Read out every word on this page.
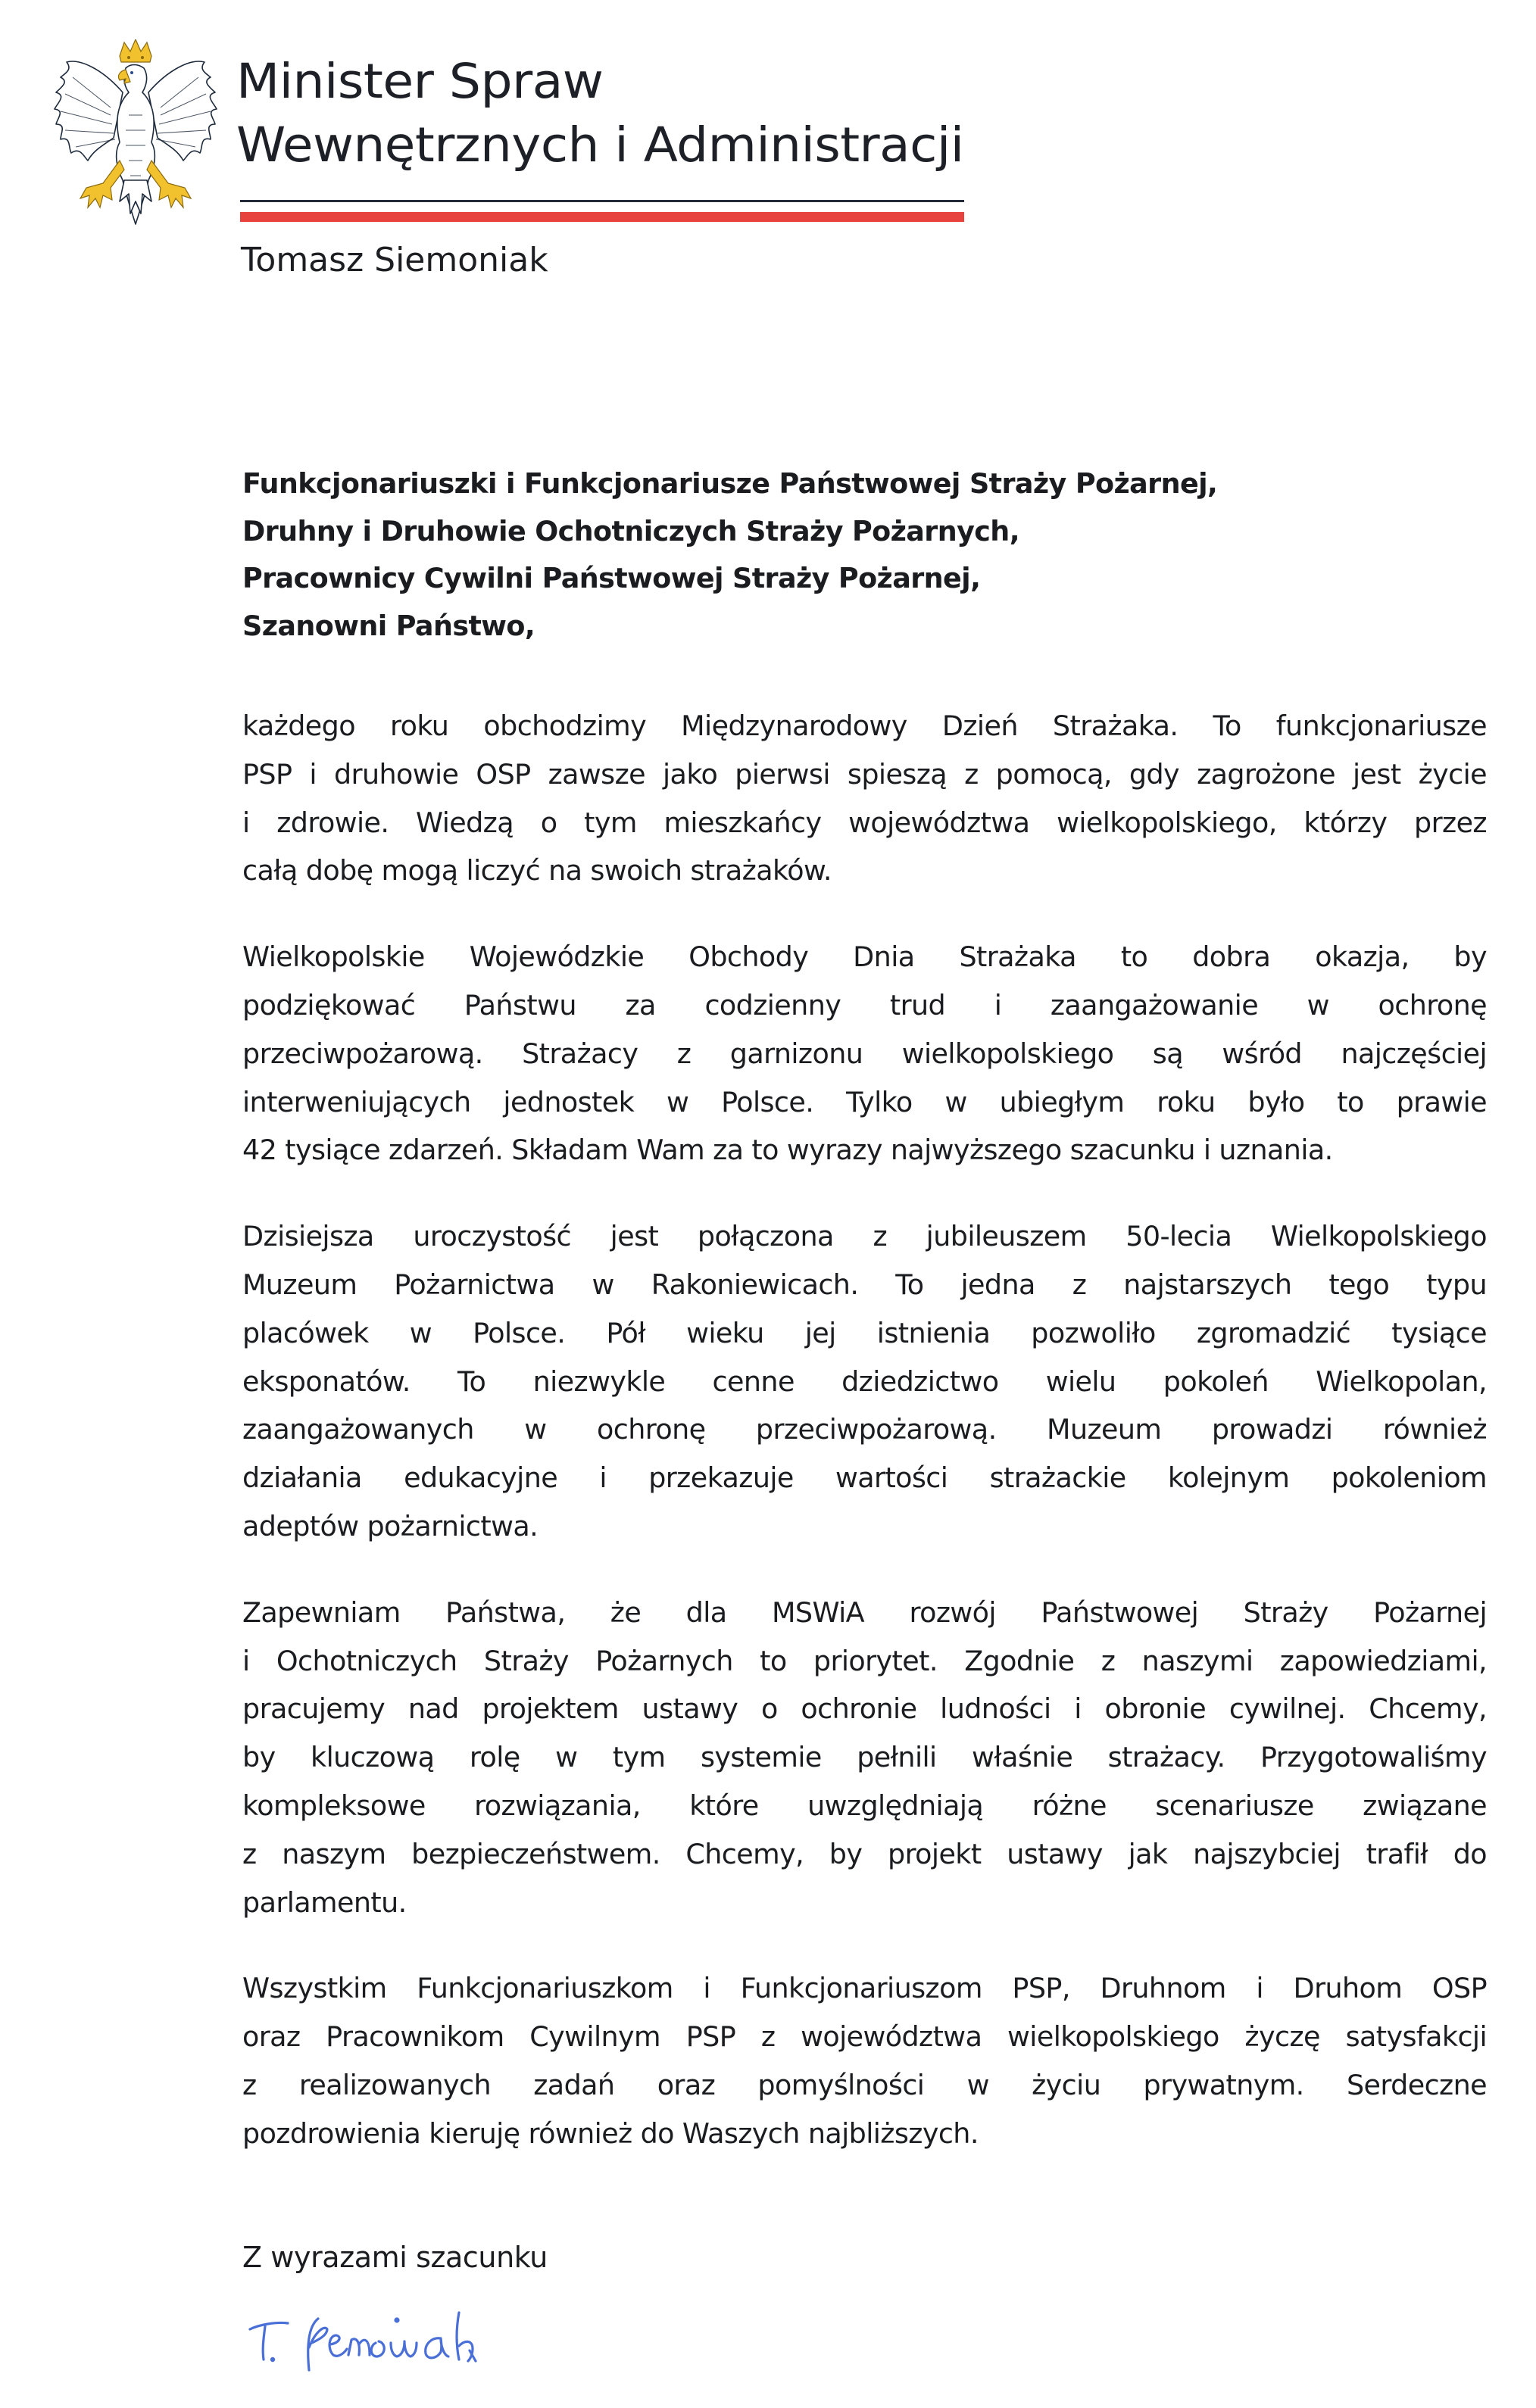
Minister Spraw
Wewnętrznych i Administracji
Tomasz Siemoniak
Funkcjonariuszki i Funkcjonariusze Państwowej Straży Pożarnej,
Druhny i Druhowie Ochotniczych Straży Pożarnych,
Pracownicy Cywilni Państwowej Straży Pożarnej,
Szanowni Państwo,

każdego roku obchodzimy Międzynarodowy Dzień Strażaka. To funkcjonariusze
PSP i druhowie OSP zawsze jako pierwsi spieszą z pomocą, gdy zagrożone jest życie
i zdrowie. Wiedzą o tym mieszkańcy województwa wielkopolskiego, którzy przez
całą dobę mogą liczyć na swoich strażaków.

Wielkopolskie Wojewódzkie Obchody Dnia Strażaka to dobra okazja, by
podziękować Państwu za codzienny trud i zaangażowanie w ochronę
przeciwpożarową. Strażacy z garnizonu wielkopolskiego są wśród najczęściej
interweniujących jednostek w Polsce. Tylko w ubiegłym roku było to prawie
42 tysiące zdarzeń. Składam Wam za to wyrazy najwyższego szacunku i uznania.

Dzisiejsza uroczystość jest połączona z jubileuszem 50-lecia Wielkopolskiego
Muzeum Pożarnictwa w Rakoniewicach. To jedna z najstarszych tego typu
placówek w Polsce. Pół wieku jej istnienia pozwoliło zgromadzić tysiące
eksponatów. To niezwykle cenne dziedzictwo wielu pokoleń Wielkopolan,
zaangażowanych w ochronę przeciwpożarową. Muzeum prowadzi również
działania edukacyjne i przekazuje wartości strażackie kolejnym pokoleniom
adeptów pożarnictwa.

Zapewniam Państwa, że dla MSWiA rozwój Państwowej Straży Pożarnej
i Ochotniczych Straży Pożarnych to priorytet. Zgodnie z naszymi zapowiedziami,
pracujemy nad projektem ustawy o ochronie ludności i obronie cywilnej. Chcemy,
by kluczową rolę w tym systemie pełnili właśnie strażacy. Przygotowaliśmy
kompleksowe rozwiązania, które uwzględniają różne scenariusze związane
z naszym bezpieczeństwem. Chcemy, by projekt ustawy jak najszybciej trafił do
parlamentu.

Wszystkim Funkcjonariuszkom i Funkcjonariuszom PSP, Druhnom i Druhom OSP
oraz Pracownikom Cywilnym PSP z województwa wielkopolskiego życzę satysfakcji
z realizowanych zadań oraz pomyślności w życiu prywatnym. Serdeczne
pozdrowienia kieruję również do Waszych najbliższych.

Z wyrazami szacunku
